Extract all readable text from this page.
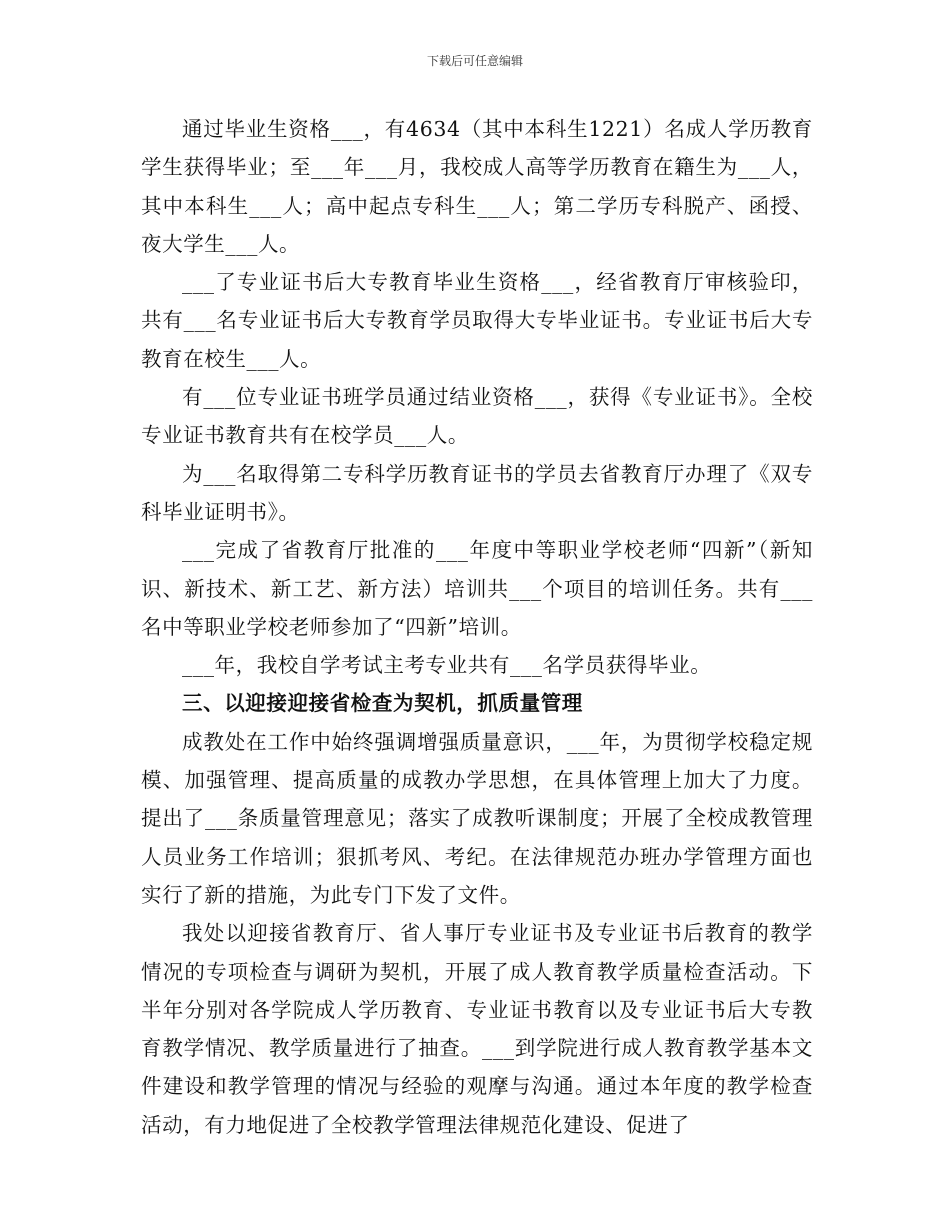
下载后可任意编辑

通过毕业生资格___，有4634（其中本科生1221）名成人学历教育学生获得毕业；至___年___月，我校成人高等学历教育在籍生为___人，其中本科生___人；高中起点专科生___人；第二学历专科脱产、函授、夜大学生___人。

___了专业证书后大专教育毕业生资格___，经省教育厅审核验印，共有___名专业证书后大专教育学员取得大专毕业证书。专业证书后大专教育在校生___人。

有___位专业证书班学员通过结业资格___，获得《专业证书》。全校专业证书教育共有在校学员___人。

为___名取得第二专科学历教育证书的学员去省教育厅办理了《双专科毕业证明书》。

___完成了省教育厅批准的___年度中等职业学校老师“四新”（新知识、新技术、新工艺、新方法）培训共___个项目的培训任务。共有___名中等职业学校老师参加了“四新”培训。

___年，我校自学考试主考专业共有___名学员获得毕业。

三、以迎接迎接省检查为契机，抓质量管理

成教处在工作中始终强调增强质量意识，___年，为贯彻学校稳定规模、加强管理、提高质量的成教办学思想，在具体管理上加大了力度。提出了___条质量管理意见；落实了成教听课制度；开展了全校成教管理人员业务工作培训；狠抓考风、考纪。在法律规范办班办学管理方面也实行了新的措施，为此专门下发了文件。

我处以迎接省教育厅、省人事厅专业证书及专业证书后教育的教学情况的专项检查与调研为契机，开展了成人教育教学质量检查活动。下半年分别对各学院成人学历教育、专业证书教育以及专业证书后大专教育教学情况、教学质量进行了抽查。___到学院进行成人教育教学基本文件建设和教学管理的情况与经验的观摩与沟通。通过本年度的教学检查活动，有力地促进了全校教学管理法律规范化建设、促进了
